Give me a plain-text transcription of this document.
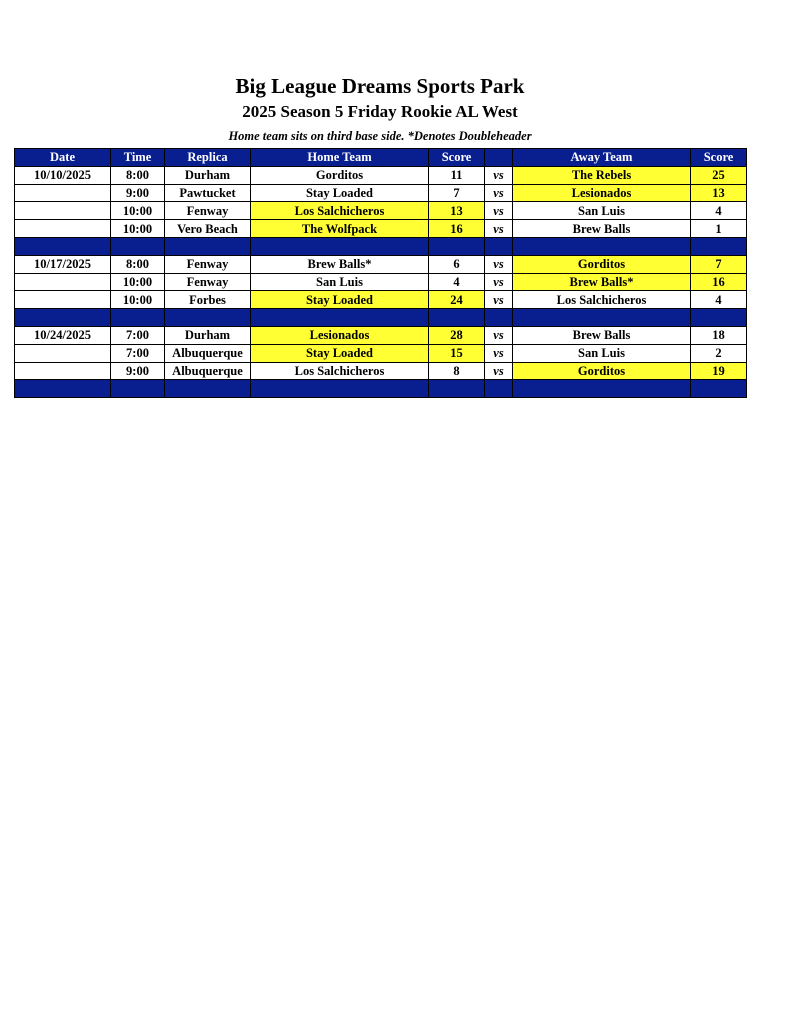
Big League Dreams Sports Park
2025 Season 5 Friday Rookie AL West
Home team sits on third base side. *Denotes Doubleheader
Date	Time	Replica	Home Team	Score		Away Team	Score
10/10/2025	8:00	Durham	Gorditos	11	vs	The Rebels	25
	9:00	Pawtucket	Stay Loaded	7	vs	Lesionados	13
	10:00	Fenway	Los Salchicheros	13	vs	San Luis	4
	10:00	Vero Beach	The Wolfpack	16	vs	Brew Balls	1

10/17/2025	8:00	Fenway	Brew Balls*	6	vs	Gorditos	7
	10:00	Fenway	San Luis	4	vs	Brew Balls*	16
	10:00	Forbes	Stay Loaded	24	vs	Los Salchicheros	4

10/24/2025	7:00	Durham	Lesionados	28	vs	Brew Balls	18
	7:00	Albuquerque	Stay Loaded	15	vs	San Luis	2
	9:00	Albuquerque	Los Salchicheros	8	vs	Gorditos	19
